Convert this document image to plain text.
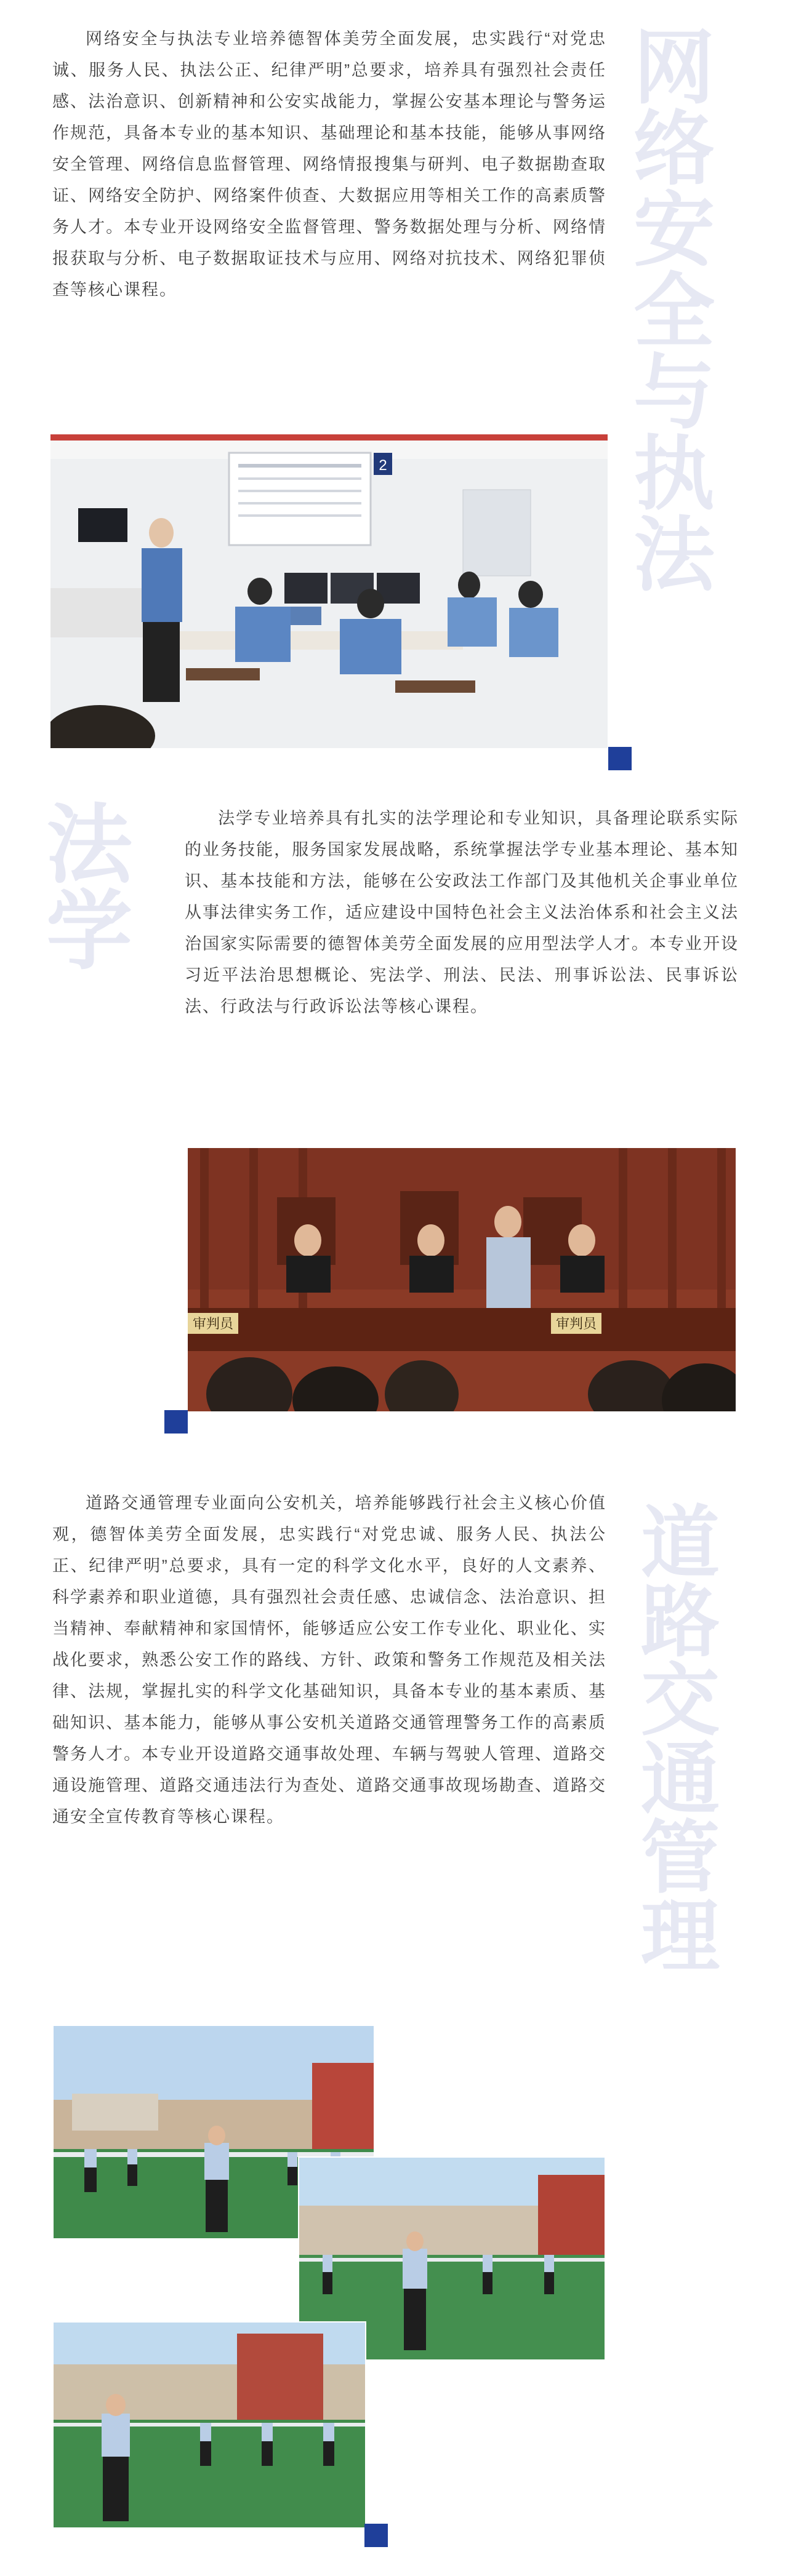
网络安全与执法

网络安全与执法专业培养德智体美劳全面发展，忠实践行“对党忠诚、服务人民、执法公正、纪律严明”总要求，培养具有强烈社会责任感、法治意识、创新精神和公安实战能力，掌握公安基本理论与警务运作规范，具备本专业的基本知识、基础理论和基本技能，能够从事网络安全管理、网络信息监督管理、网络情报搜集与研判、电子数据勘查取证、网络安全防护、网络案件侦查、大数据应用等相关工作的高素质警务人才。本专业开设网络安全监督管理、警务数据处理与分析、网络情报获取与分析、电子数据取证技术与应用、网络对抗技术、网络犯罪侦查等核心课程。

2
法学

法学专业培养具有扎实的法学理论和专业知识，具备理论联系实际的业务技能，服务国家发展战略，系统掌握法学专业基本理论、基本知识、基本技能和方法，能够在公安政法工作部门及其他机关企事业单位从事法律实务工作，适应建设中国特色社会主义法治体系和社会主义法治国家实际需要的德智体美劳全面发展的应用型法学人才。本专业开设习近平法治思想概论、宪法学、刑法、民法、刑事诉讼法、民事诉讼法、行政法与行政诉讼法等核心课程。

审判员	审判员
道路交通管理

道路交通管理专业面向公安机关，培养能够践行社会主义核心价值观，德智体美劳全面发展，忠实践行“对党忠诚、服务人民、执法公正、纪律严明”总要求，具有一定的科学文化水平，良好的人文素养、科学素养和职业道德，具有强烈社会责任感、忠诚信念、法治意识、担当精神、奉献精神和家国情怀，能够适应公安工作专业化、职业化、实战化要求，熟悉公安工作的路线、方针、政策和警务工作规范及相关法律、法规，掌握扎实的科学文化基础知识，具备本专业的基本素质、基础知识、基本能力，能够从事公安机关道路交通管理警务工作的高素质警务人才。本专业开设道路交通事故处理、车辆与驾驶人管理、道路交通设施管理、道路交通违法行为查处、道路交通事故现场勘查、道路交通安全宣传教育等核心课程。
